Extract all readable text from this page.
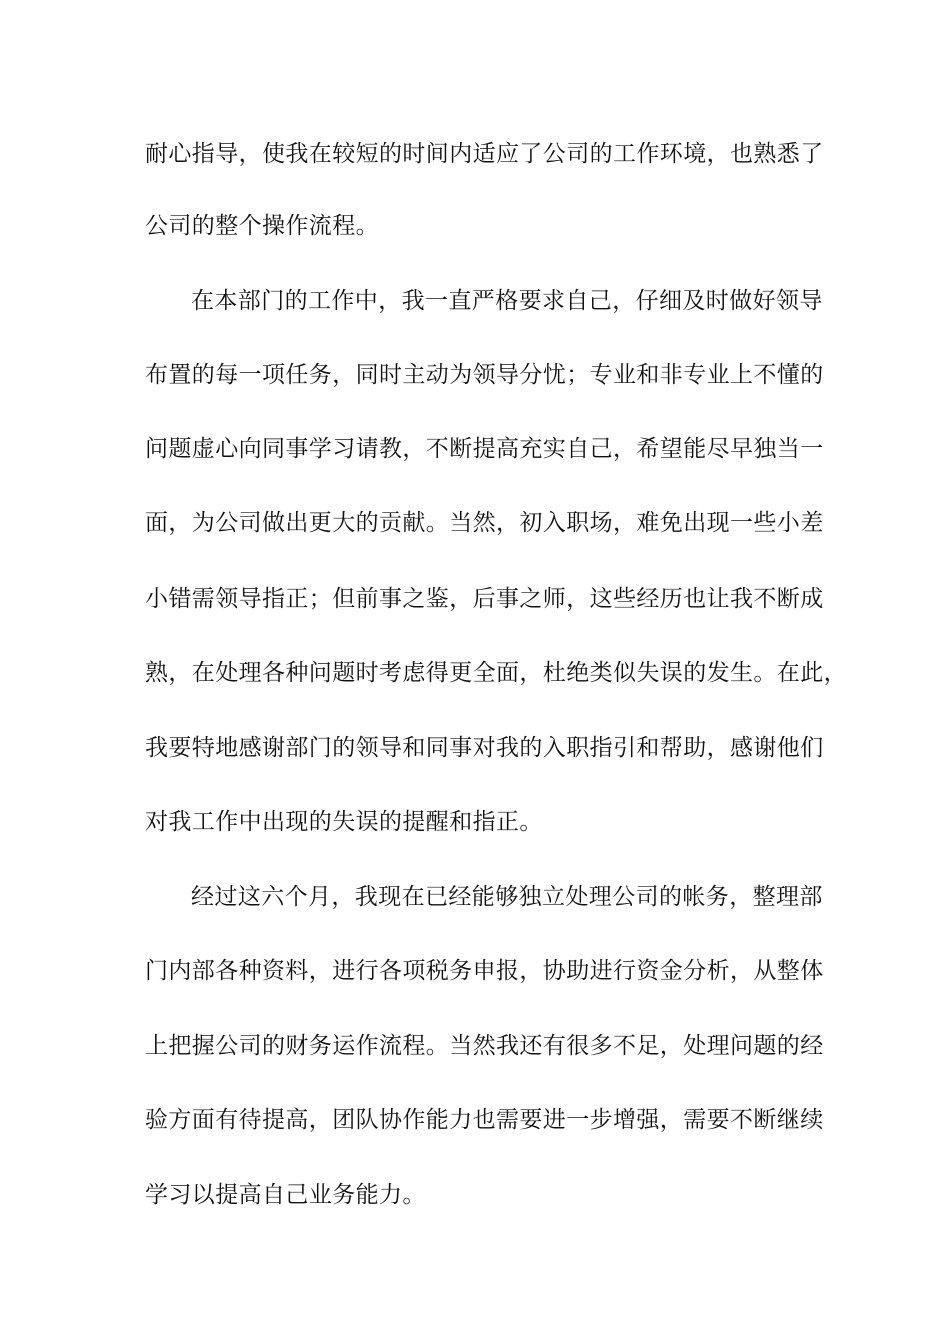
耐心指导，使我在较短的时间内适应了公司的工作环境，也熟悉了
公司的整个操作流程。
在本部门的工作中，我一直严格要求自己，仔细及时做好领导
布置的每一项任务，同时主动为领导分忧；专业和非专业上不懂的
问题虚心向同事学习请教，不断提高充实自己，希望能尽早独当一
面，为公司做出更大的贡献。当然，初入职场，难免出现一些小差
小错需领导指正；但前事之鉴，后事之师，这些经历也让我不断成
熟，在处理各种问题时考虑得更全面，杜绝类似失误的发生。在此，
我要特地感谢部门的领导和同事对我的入职指引和帮助，感谢他们
对我工作中出现的失误的提醒和指正。
经过这六个月，我现在已经能够独立处理公司的帐务，整理部
门内部各种资料，进行各项税务申报，协助进行资金分析，从整体
上把握公司的财务运作流程。当然我还有很多不足，处理问题的经
验方面有待提高，团队协作能力也需要进一步增强，需要不断继续
学习以提高自己业务能力。
